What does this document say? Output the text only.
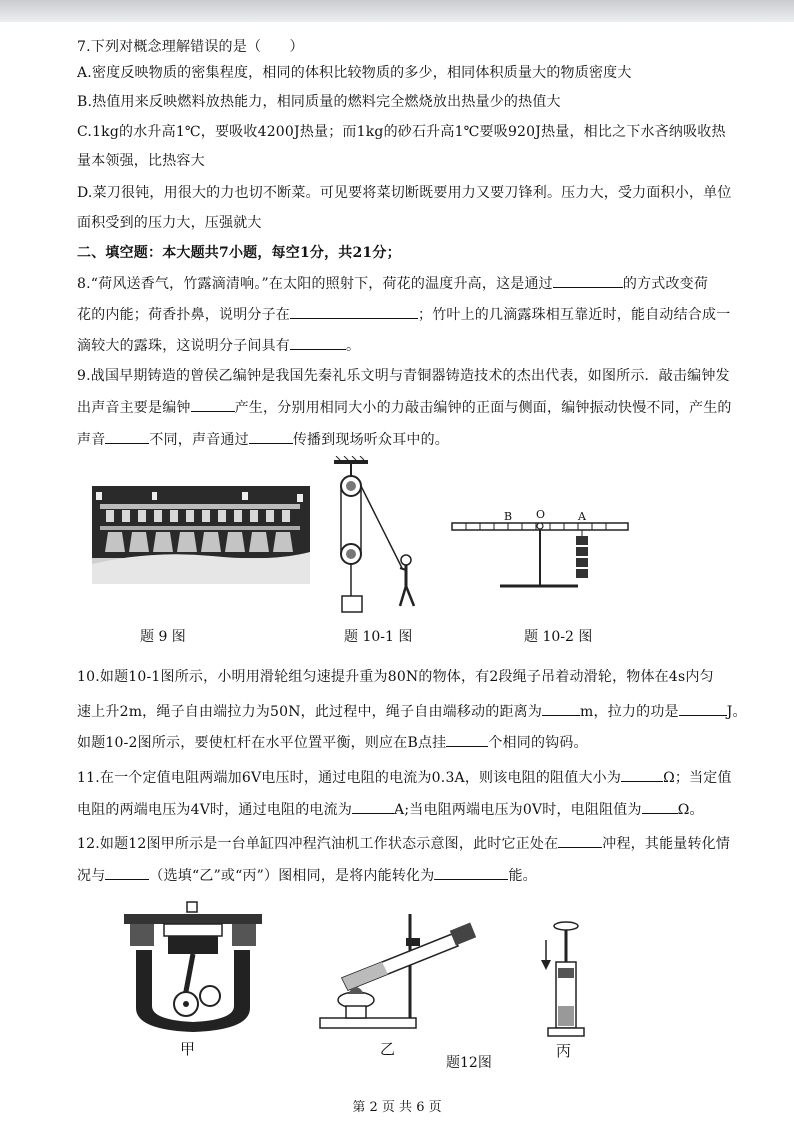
7.下列对概念理解错误的是（　　）
A.密度反映物质的密集程度，相同的体积比较物质的多少，相同体积质量大的物质密度大
B.热值用来反映燃料放热能力，相同质量的燃料完全燃烧放出热量少的热值大
C.1kg的水升高1℃，要吸收4200J热量；而1kg的砂石升高1℃要吸920J热量，相比之下水吝纳吸收热
量本领强，比热容大
D.菜刀很钝，用很大的力也切不断菜。可见要将菜切断既要用力又要刀锋利。压力大，受力面积小，单位
面积受到的压力大，压强就大
二、填空题：本大题共7小题，每空1分，共21分；
8.“荷风送香气，竹露滴清响。”在太阳的照射下，荷花的温度升高，这是通过	的方式改变荷
花的内能；荷香扑鼻，说明分子在	；竹叶上的几滴露珠相互靠近时，能自动结合成一
滴较大的露珠，这说明分子间具有	。
9.战国早期铸造的曾侯乙编钟是我国先秦礼乐文明与青铜器铸造技术的杰出代表，如图所示．敲击编钟发
出声音主要是编钟	产生，分别用相同大小的力敲击编钟的正面与侧面，编钟振动快慢不同，产生的
声音	不同，声音通过	传播到现场听众耳中的。
题 9 图	题 10-1 图
B O	A
题 10-2 图
10.如题10-1图所示，小明用滑轮组匀速提升重为80N的物体，有2段绳子吊着动滑轮，物体在4s内匀
速上升2m，绳子自由端拉力为50N，此过程中，绳子自由端移动的距离为	m，拉力的功是	J。
如题10-2图所示，要使杠杆在水平位置平衡，则应在B点挂	个相同的钩码。
11.在一个定值电阻两端加6V电压时，通过电阻的电流为0.3A，则该电阻的阻值大小为	Ω；当定值
电阻的两端电压为4V时，通过电阻的电流为	A;当电阻两端电压为0V时，电阻阻值为	Ω。
12.如题12图甲所示是一台单缸四冲程汽油机工作状态示意图，此时它正处在	冲程，其能量转化情
况与	（选填“乙”或“丙”）图相同，是将内能转化为	能。
甲	乙	丙
题12图
第 2 页 共 6 页
